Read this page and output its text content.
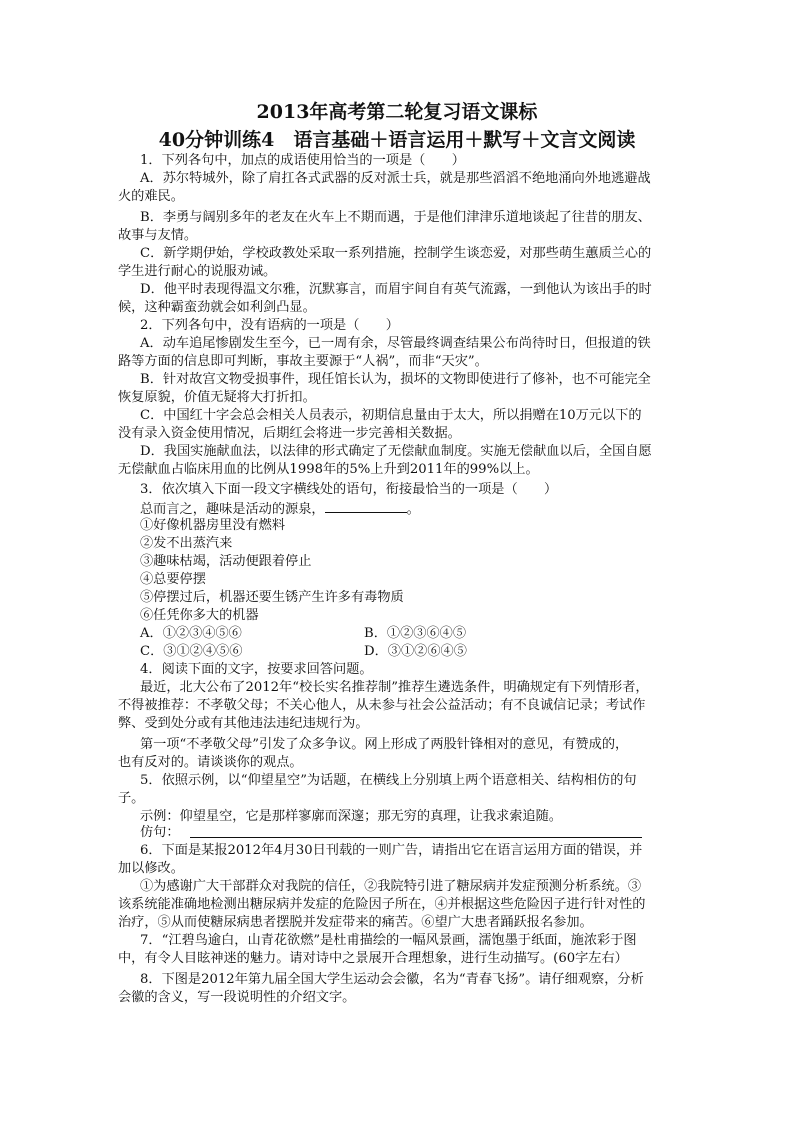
2013年高考第二轮复习语文课标
40分钟训练4　语言基础＋语言运用＋默写＋文言文阅读
1．下列各句中，加点的成语使用恰当的一项是（　　）
A．苏尔特城外，除了肩扛各式武器的反对派士兵，就是那些滔滔不绝地涌向外地逃避战
火的难民。
B．李勇与阔别多年的老友在火车上不期而遇，于是他们津津乐道地谈起了往昔的朋友、
故事与友情。
C．新学期伊始，学校政教处采取一系列措施，控制学生谈恋爱，对那些萌生蕙质兰心的
学生进行耐心的说服劝诫。
D．他平时表现得温文尔雅，沉默寡言，而眉宇间自有英气流露，一到他认为该出手的时
候，这种霸蛮劲就会如利剑凸显。
2．下列各句中，没有语病的一项是（　　）
A．动车追尾惨剧发生至今，已一周有余，尽管最终调查结果公布尚待时日，但报道的铁
路等方面的信息即可判断，事故主要源于“人祸”，而非“天灾”。
B．针对故宫文物受损事件，现任馆长认为，损坏的文物即使进行了修补，也不可能完全
恢复原貌，价值无疑将大打折扣。
C．中国红十字会总会相关人员表示，初期信息量由于太大，所以捐赠在10万元以下的
没有录入资金使用情况，后期红会将进一步完善相关数据。
D．我国实施献血法，以法律的形式确定了无偿献血制度。实施无偿献血以后，全国自愿
无偿献血占临床用血的比例从1998年的5%上升到2011年的99%以上。
3．依次填入下面一段文字横线处的语句，衔接最恰当的一项是（　　）
总而言之，趣味是活动的源泉，	。
①好像机器房里没有燃料
②发不出蒸汽来
③趣味枯竭，活动便跟着停止
④总要停摆
⑤停摆过后，机器还要生锈产生许多有毒物质
⑥任凭你多大的机器
A．①②③④⑤⑥	B．①②③⑥④⑤
C．③①②④⑤⑥	D．③①②⑥④⑤
4．阅读下面的文字，按要求回答问题。
最近，北大公布了2012年“校长实名推荐制”推荐生遴选条件，明确规定有下列情形者，
不得被推荐：不孝敬父母；不关心他人，从未参与社会公益活动；有不良诚信记录；考试作
弊、受到处分或有其他违法违纪违规行为。
第一项“不孝敬父母”引发了众多争议。网上形成了两股针锋相对的意见，有赞成的，
也有反对的。请谈谈你的观点。
5．依照示例，以“仰望星空”为话题，在横线上分别填上两个语意相关、结构相仿的句
子。
示例：仰望星空，它是那样寥廓而深邃；那无穷的真理，让我求索追随。
仿句：
6．下面是某报2012年4月30日刊载的一则广告，请指出它在语言运用方面的错误，并
加以修改。
①为感谢广大干部群众对我院的信任，②我院特引进了糖尿病并发症预测分析系统。③
该系统能准确地检测出糖尿病并发症的危险因子所在，④并根据这些危险因子进行针对性的
治疗，⑤从而使糖尿病患者摆脱并发症带来的痛苦。⑥望广大患者踊跃报名参加。
7．“江碧鸟逾白，山青花欲燃”是杜甫描绘的一幅风景画，濡饱墨于纸面，施浓彩于图
中，有令人目眩神迷的魅力。请对诗中之景展开合理想象，进行生动描写。(60字左右）
8．下图是2012年第九届全国大学生运动会会徽，名为“青春飞扬”。请仔细观察，分析
会徽的含义，写一段说明性的介绍文字。
